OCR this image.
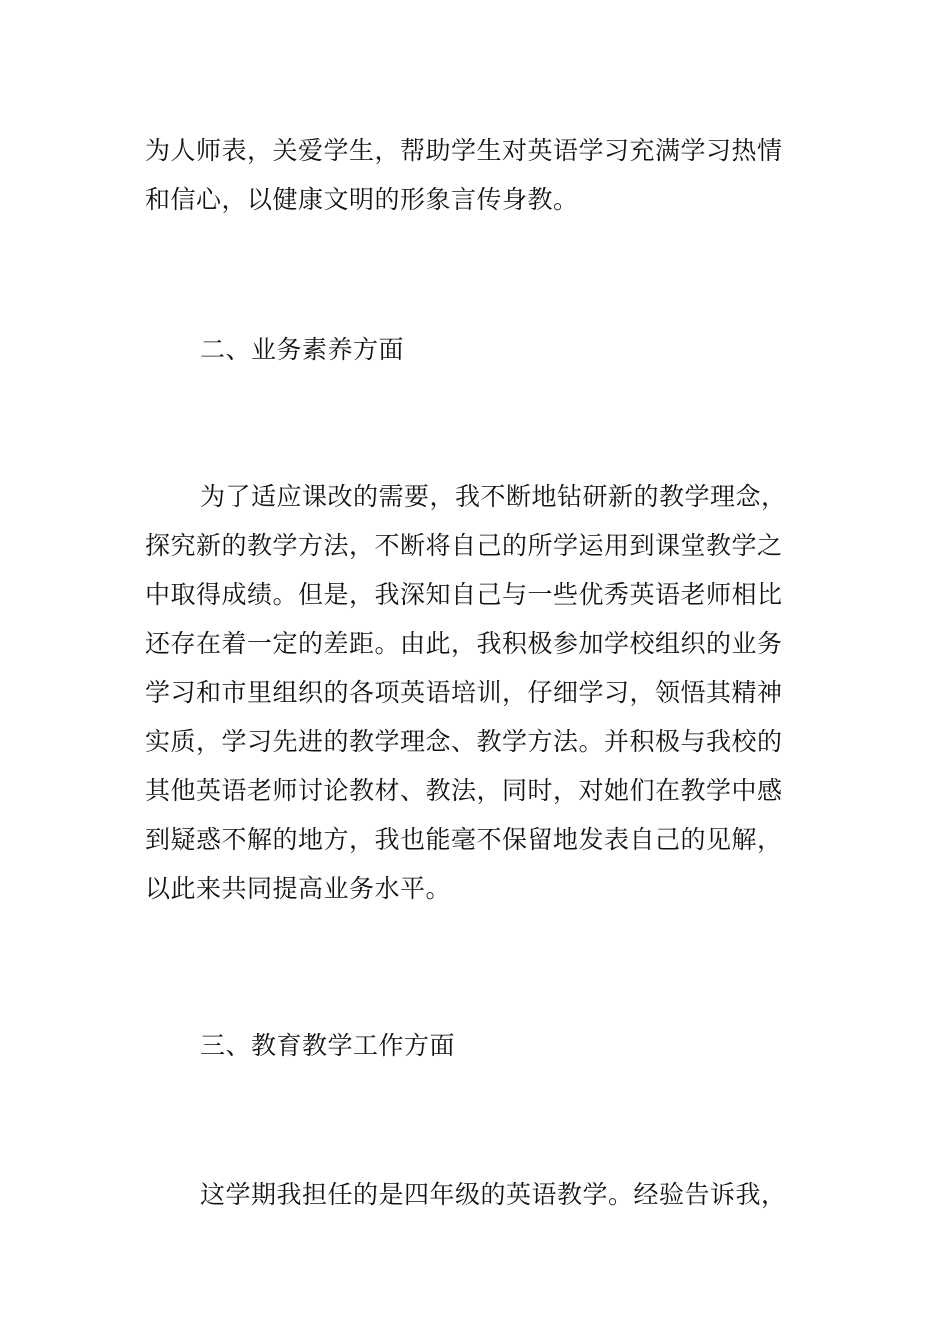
为人师表，关爱学生，帮助学生对英语学习充满学习热情
和信心，以健康文明的形象言传身教。
二、业务素养方面
为了适应课改的需要，我不断地钻研新的教学理念，
探究新的教学方法，不断将自己的所学运用到课堂教学之
中取得成绩。但是，我深知自己与一些优秀英语老师相比
还存在着一定的差距。由此，我积极参加学校组织的业务
学习和市里组织的各项英语培训，仔细学习，领悟其精神
实质，学习先进的教学理念、教学方法。并积极与我校的
其他英语老师讨论教材、教法，同时，对她们在教学中感
到疑惑不解的地方，我也能毫不保留地发表自己的见解，
以此来共同提高业务水平。
三、教育教学工作方面
这学期我担任的是四年级的英语教学。经验告诉我，
